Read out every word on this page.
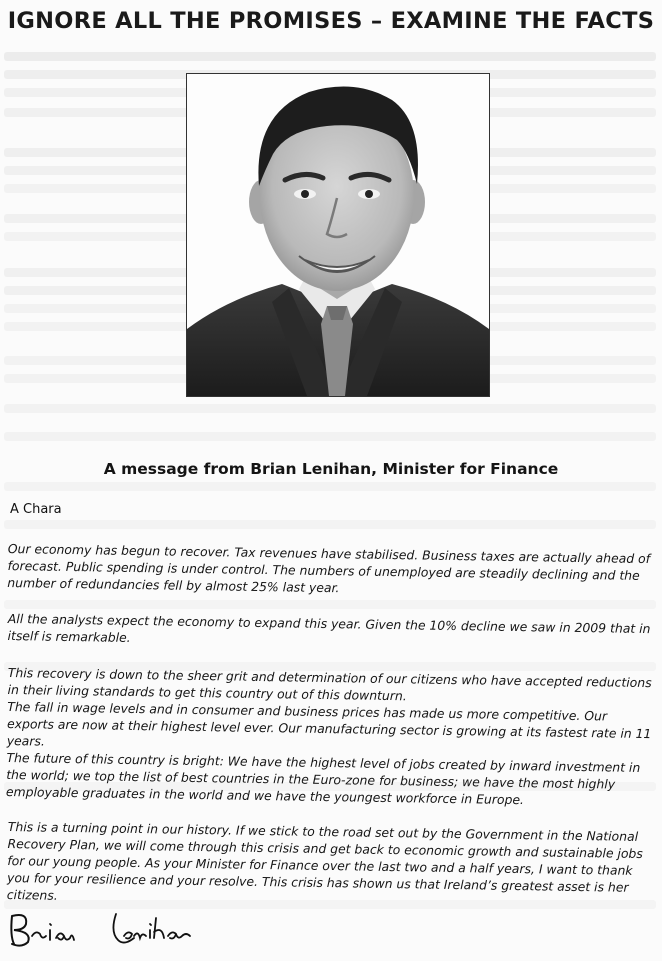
IGNORE ALL THE PROMISES – EXAMINE THE FACTS
A message from Brian Lenihan, Minister for Finance
A Chara

Our economy has begun to recover. Tax revenues have stabilised. Business taxes are actually ahead of forecast. Public spending is under control. The numbers of unemployed are steadily declining and the number of redundancies fell by almost 25% last year.

All the analysts expect the economy to expand this year. Given the 10% decline we saw in 2009 that in itself is remarkable.

This recovery is down to the sheer grit and determination of our citizens who have accepted reductions in their living standards to get this country out of this downturn.

The fall in wage levels and in consumer and business prices has made us more competitive. Our exports are now at their highest level ever. Our manufacturing sector is growing at its fastest rate in 11 years.

The future of this country is bright: We have the highest level of jobs created by inward investment in the world; we top the list of best countries in the Euro-zone for business; we have the most highly employable graduates in the world and we have the youngest workforce in Europe.

This is a turning point in our history. If we stick to the road set out by the Government in the National Recovery Plan, we will come through this crisis and get back to economic growth and sustainable jobs for our young people. As your Minister for Finance over the last two and a half years, I want to thank you for your resilience and your resolve. This crisis has shown us that Ireland’s greatest asset is her citizens.
